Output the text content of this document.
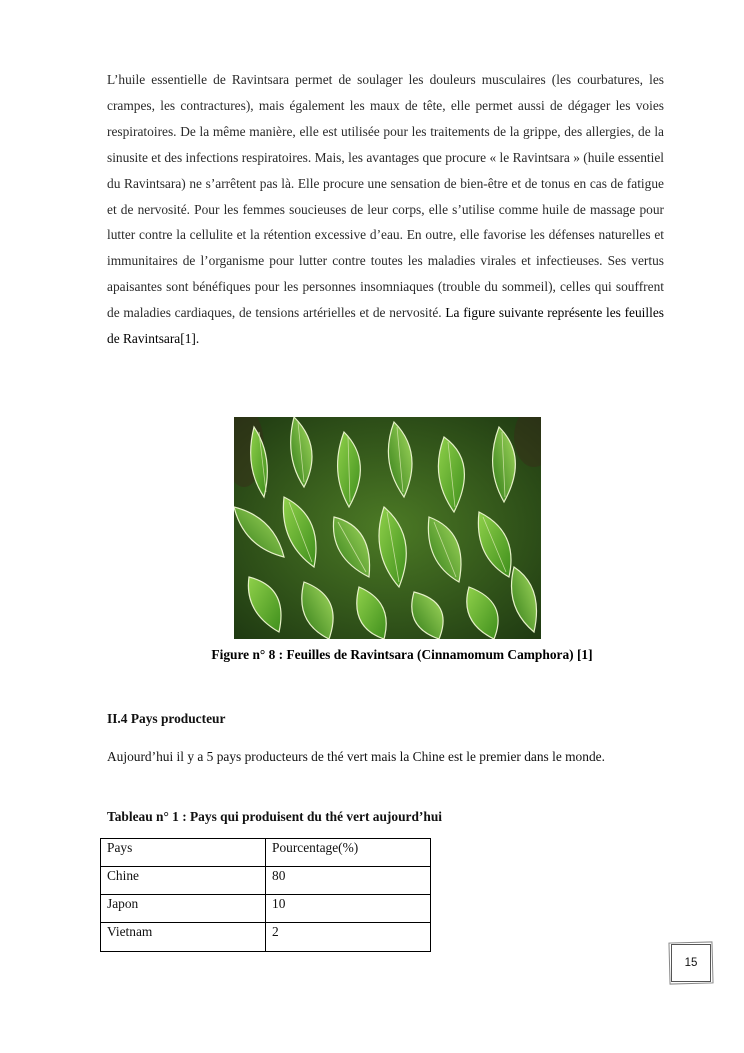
L’huile essentielle de Ravintsara permet de soulager les douleurs musculaires (les courbatures, les crampes, les contractures), mais également les maux de tête, elle permet aussi de dégager les voies respiratoires. De la même manière, elle est utilisée pour les traitements de la grippe, des allergies, de la sinusite et des infections respiratoires. Mais, les avantages que procure « le Ravintsara » (huile essentiel du Ravintsara) ne s’arrêtent pas là. Elle procure une sensation de bien-être et de tonus en cas de fatigue et de nervosité. Pour les femmes soucieuses de leur corps, elle s’utilise comme huile de massage pour lutter contre la cellulite et la rétention excessive d’eau. En outre, elle favorise les défenses naturelles et immunitaires de l’organisme pour lutter contre toutes les maladies virales et infectieuses. Ses vertus apaisantes sont bénéfiques pour les personnes insomniaques (trouble du sommeil), celles qui souffrent de maladies cardiaques, de tensions artérielles et de nervosité. La figure suivante représente les feuilles de Ravintsara[1].

Figure n° 8 : Feuilles de Ravintsara (Cinnamomum Camphora) [1]
II.4 Pays producteur

Aujourd’hui il y a 5 pays producteurs de thé vert mais la Chine est le premier dans le monde.

Tableau n° 1 : Pays qui produisent du thé vert aujourd’hui
Pays	Pourcentage(%)
Chine	80
Japon	10
Vietnam	2
15
